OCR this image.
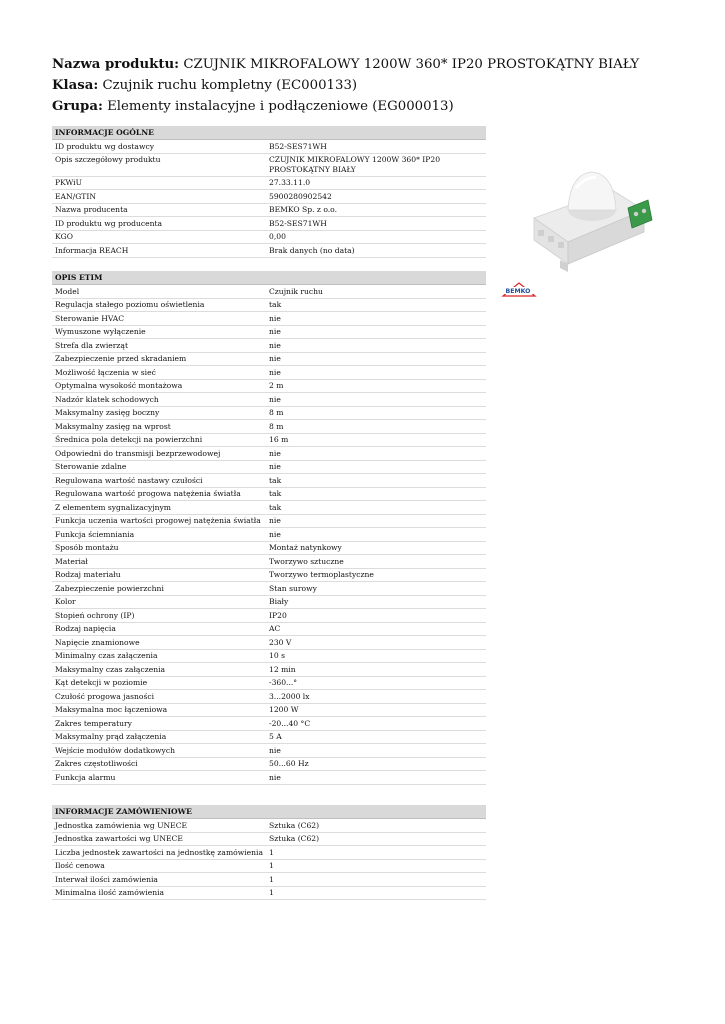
Nazwa produktu: CZUJNIK MIKROFALOWY 1200W 360* IP20 PROSTOKĄTNY BIAŁY
Klasa: Czujnik ruchu kompletny (EC000133)
Grupa: Elementy instalacyjne i podłączeniowe (EG000013)
INFORMACJE OGÓLNE
ID produktu wg dostawcy	B52-SES71WH
Opis szczegółowy produktu	CZUJNIK MIKROFALOWY 1200W 360* IP20 PROSTOKĄTNY BIAŁY
PKWiU	27.33.11.0
EAN/GTIN	5900280902542
Nazwa producenta	BEMKO Sp. z o.o.
ID produktu wg producenta	B52-SES71WH
KGO	0,00
Informacja REACH	Brak danych (no data)
OPIS ETIM
Model	Czujnik ruchu
Regulacja stałego poziomu oświetlenia	tak
Sterowanie HVAC	nie
Wymuszone wyłączenie	nie
Strefa dla zwierząt	nie
Zabezpieczenie przed skradaniem	nie
Możliwość łączenia w sieć	nie
Optymalna wysokość montażowa	2 m
Nadzór klatek schodowych	nie
Maksymalny zasięg boczny	8 m
Maksymalny zasięg na wprost	8 m
Średnica pola detekcji na powierzchni	16 m
Odpowiedni do transmisji bezprzewodowej	nie
Sterowanie zdalne	nie
Regulowana wartość nastawy czułości	tak
Regulowana wartość progowa natężenia światła	tak
Z elementem sygnalizacyjnym	tak
Funkcja uczenia wartości progowej natężenia światła	nie
Funkcja ściemniania	nie
Sposób montażu	Montaż natynkowy
Materiał	Tworzywo sztuczne
Rodzaj materiału	Tworzywo termoplastyczne
Zabezpieczenie powierzchni	Stan surowy
Kolor	Biały
Stopień ochrony (IP)	IP20
Rodzaj napięcia	AC
Napięcie znamionowe	230 V
Minimalny czas załączenia	10 s
Maksymalny czas załączenia	12 min
Kąt detekcji w poziomie	-360...°
Czułość progowa jasności	3...2000 lx
Maksymalna moc łączeniowa	1200 W
Zakres temperatury	-20...40 °C
Maksymalny prąd załączenia	5 A
Wejście modułów dodatkowych	nie
Zakres częstotliwości	50...60 Hz
Funkcja alarmu	nie
INFORMACJE ZAMÓWIENIOWE
Jednostka zamówienia wg UNECE	Sztuka (C62)
Jednostka zawartości wg UNECE	Sztuka (C62)
Liczba jednostek zawartości na jednostkę zamówienia 1
Ilość cenowa	1
Interwał ilości zamówienia	1
Minimalna ilość zamówienia	1
BEMKO
